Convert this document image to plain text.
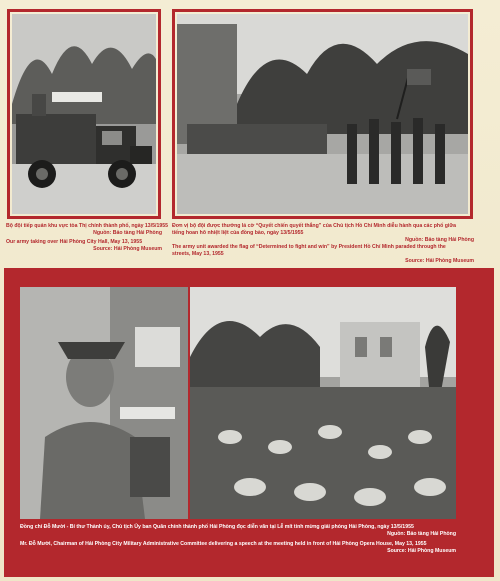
Bộ đội tiếp quản khu vực tòa Thị chính thành phố, ngày 13/5/1955
Nguồn: Bảo tàng Hải Phòng
Our army taking over Hải Phòng City Hall, May 13, 1955
Source: Hải Phòng Museum
Đơn vị bộ đội được thưởng lá cờ “Quyết chiến quyết thắng” của Chủ tịch Hồ Chí Minh diễu hành qua các phố giữa
tiếng hoan hô nhiệt liệt của đồng bào, ngày 13/5/1955
Nguồn: Bảo tàng Hải Phòng
The army unit awarded the flag of “Determined to fight and win” by President Hồ Chí Minh paraded through the
streets, May 13, 1955
Source: Hải Phòng Museum
Đồng chí Đỗ Mười - Bí thư Thành ủy, Chủ tịch Ủy ban Quân chính thành phố Hải Phòng đọc diễn văn tại Lễ mít tinh mừng giải phóng Hải Phòng, ngày 13/5/1955
Nguồn: Bảo tàng Hải Phòng
Mr. Đỗ Mười, Chairman of Hải Phòng City Military Administrative Committee delivering a speech at the meeting held in front of Hải Phòng Opera House, May 13, 1955
Source: Hải Phòng Museum
